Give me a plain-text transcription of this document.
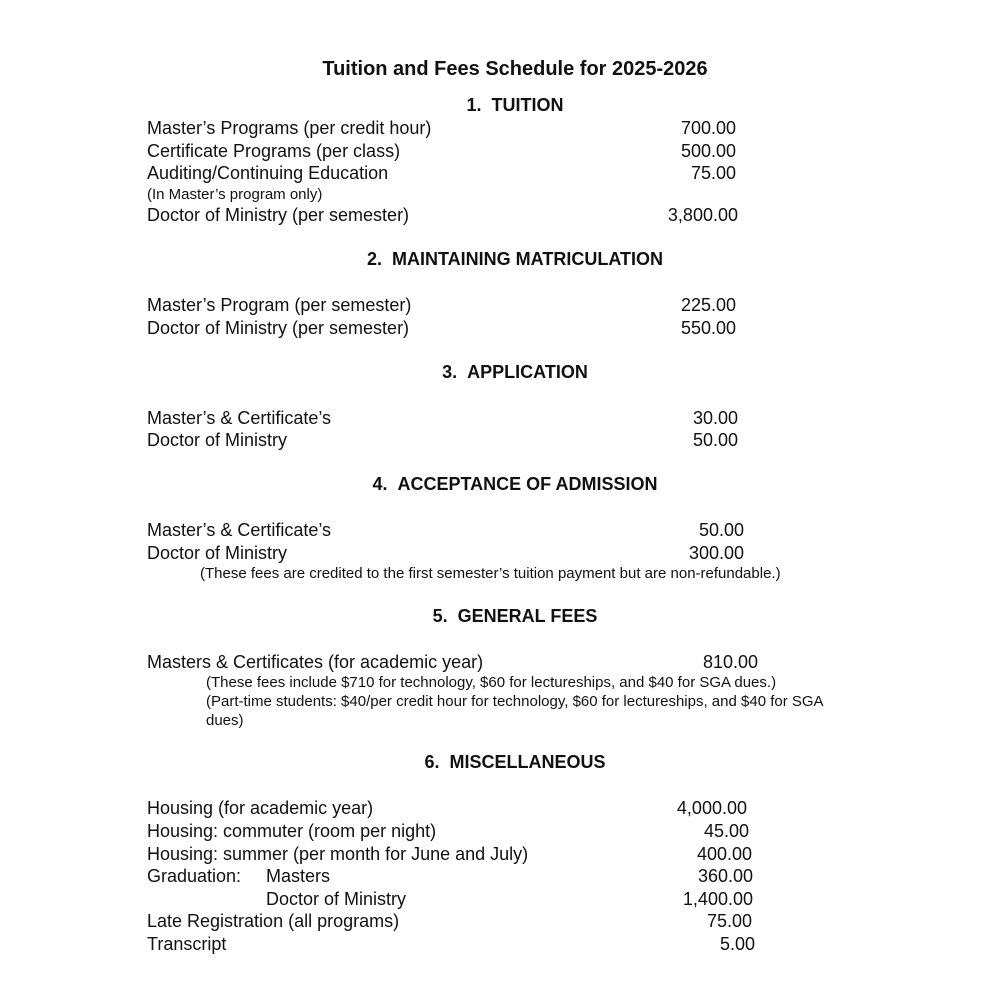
Tuition and Fees Schedule for 2025-2026
1. TUITION
Master’s Programs (per credit hour)	700.00
Certificate Programs (per class)	500.00
Auditing/Continuing Education	75.00
(In Master’s program only)
Doctor of Ministry (per semester)	3,800.00
2. MAINTAINING MATRICULATION
Master’s Program (per semester)	225.00
Doctor of Ministry (per semester)	550.00
3. APPLICATION
Master’s & Certificate’s	30.00
Doctor of Ministry	50.00
4. ACCEPTANCE OF ADMISSION
Master’s & Certificate’s	50.00
Doctor of Ministry	300.00
(These fees are credited to the first semester’s tuition payment but are non-refundable.)
5. GENERAL FEES
Masters & Certificates (for academic year)	810.00
(These fees include $710 for technology, $60 for lectureships, and $40 for SGA dues.)
(Part-time students: $40/per credit hour for technology, $60 for lectureships, and $40 for SGA
dues)
6. MISCELLANEOUS
Housing (for academic year)	4,000.00
Housing: commuter (room per night)	45.00
Housing: summer (per month for June and July)	400.00
Graduation: Masters	360.00
Doctor of Ministry	1,400.00
Late Registration (all programs)	75.00
Transcript	5.00
